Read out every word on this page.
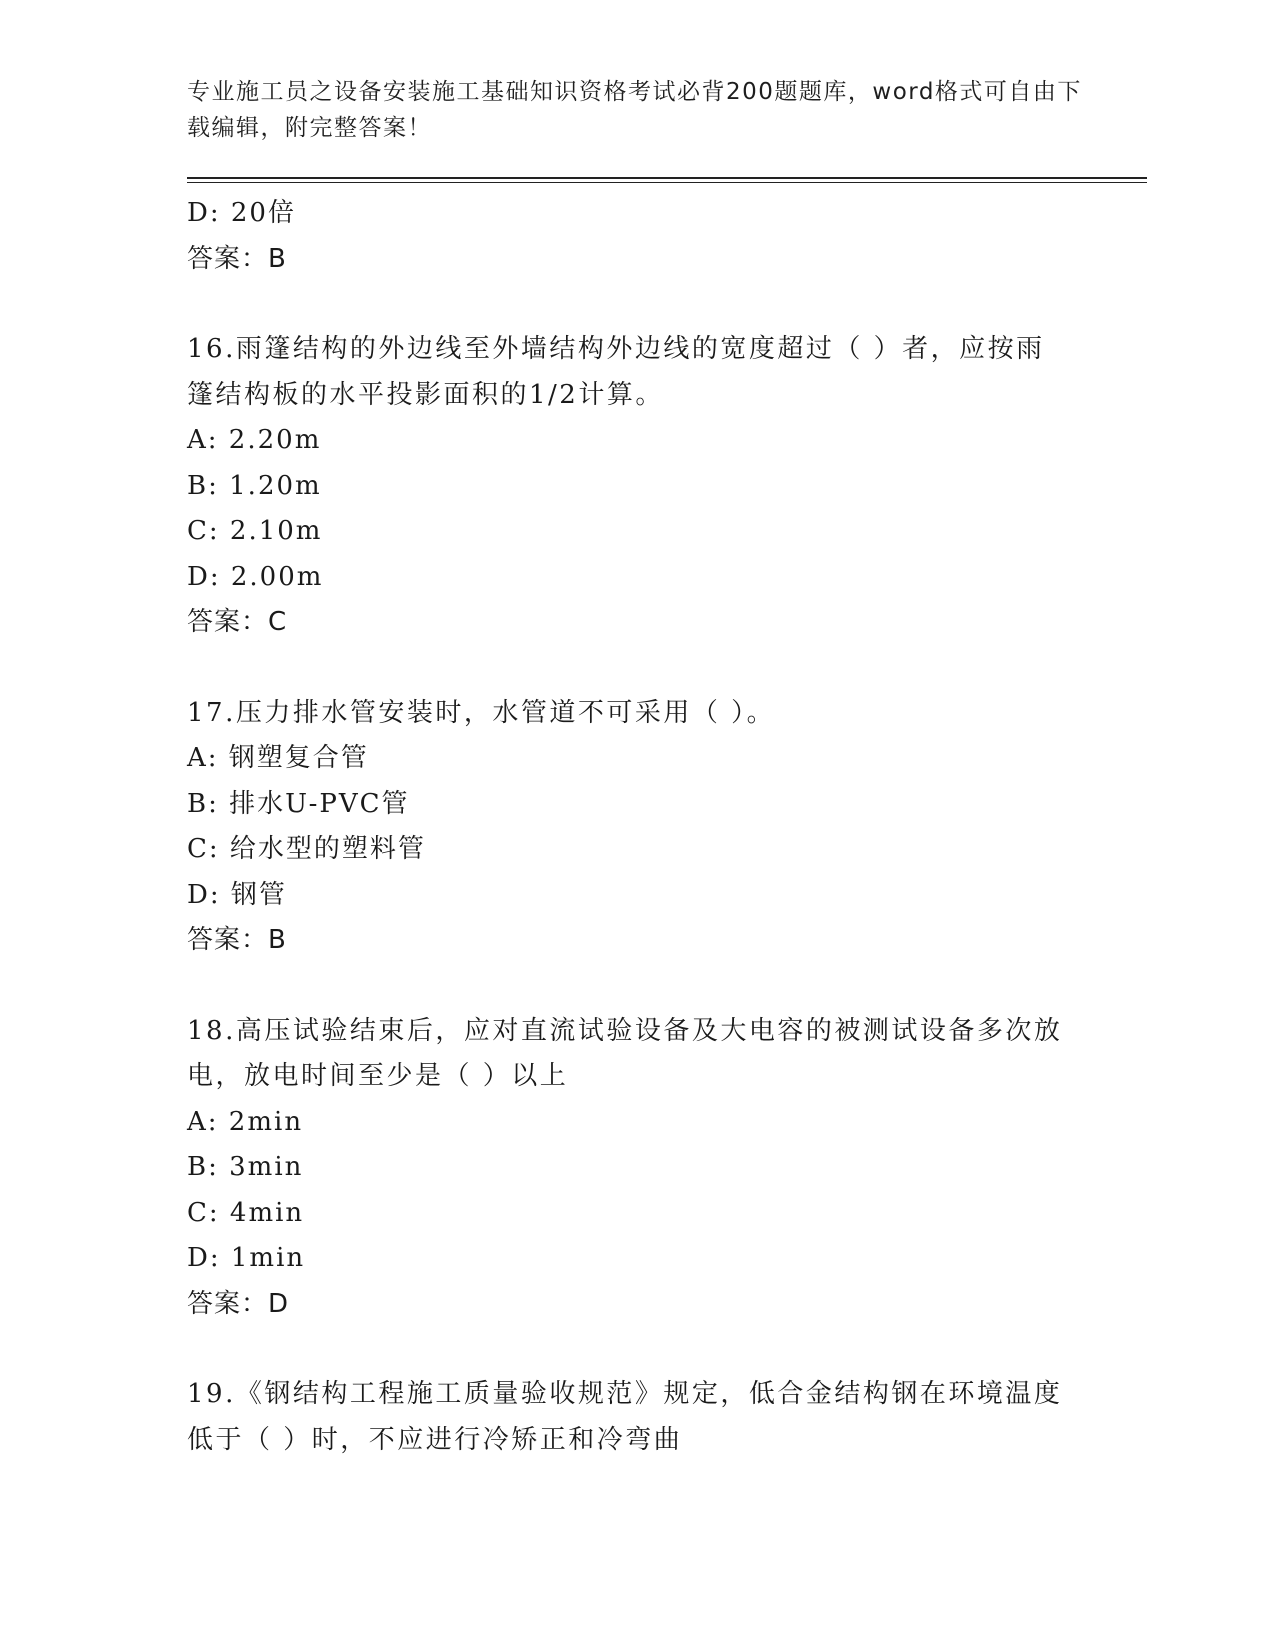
专业施工员之设备安装施工基础知识资格考试必背200题题库，word格式可自由下载编辑，附完整答案！
D: 20倍
答案：B
16.雨篷结构的外边线至外墙结构外边线的宽度超过（ ）者，应按雨篷结构板的水平投影面积的1/2计算。
A: 2.20m
B: 1.20m
C: 2.10m
D: 2.00m
答案：C
17.压力排水管安装时，水管道不可采用（ ）。
A: 钢塑复合管
B: 排水U-PVC管
C: 给水型的塑料管
D: 钢管
答案：B
18.高压试验结束后，应对直流试验设备及大电容的被测试设备多次放电，放电时间至少是（ ）以上
A: 2min
B: 3min
C: 4min
D: 1min
答案：D
19.《钢结构工程施工质量验收规范》规定，低合金结构钢在环境温度低于（ ）时，不应进行冷矫正和冷弯曲
